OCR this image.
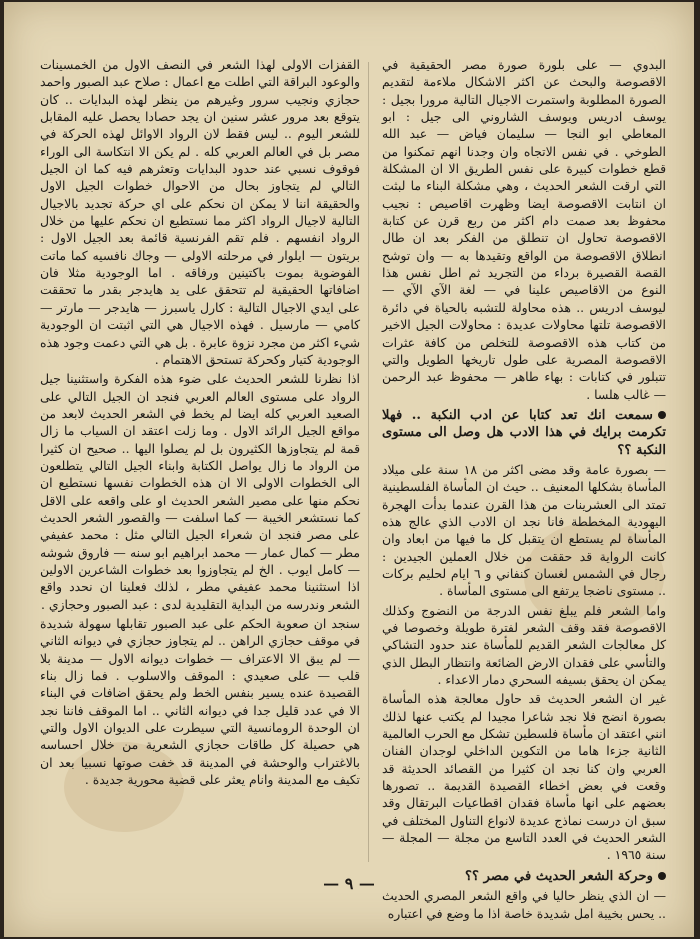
البدوي — على بلورة صورة مصر الحقيقية في الاقصوصة والبحث عن اكثر الاشكال ملاءمة لتقديم الصورة المطلوبة واستمرت الاجيال التالية مرورا بجيل : يوسف ادريس ويوسف الشاروني الى جيل : ابو المعاطي ابو النجا — سليمان فياض — عبد الله الطوخي . في نفس الاتجاه وان وجدنا انهم تمكنوا من قطع خطوات كبيرة على نفس الطريق الا ان المشكلة التي ارقت الشعر الحديث ، وهي مشكلة البناء ما لبثت ان انتابت الاقصوصة ايضا وظهرت اقاصيص : نجيب محفوظ بعد صمت دام اكثر من ربع قرن عن كتابة الاقصوصة تحاول ان تنطلق من الفكر بعد ان طال انطلاق الاقصوصة من الواقع وتقيدها به — وان توشح القصة القصيرة برداء من التجريد ثم اطل نفس هذا النوع من الاقاصيص علينا في — لغة الآي الآي — ليوسف ادريس .. هذه محاولة للتشبه بالحياة في دائرة الاقصوصة تلتها محاولات عديدة : محاولات الجيل الاخير من كتاب هذه الاقصوصة للتخلص من كافة عثرات الاقصوصة المصرية على طول تاريخها الطويل والتي تتبلور في كتابات : بهاء طاهر — محفوظ عبد الرحمن — غالب هلسا .

سمعت انك تعد كتابا عن ادب النكبة .. فهلا تكرمت برايك في هذا الادب هل وصل الى مستوى النكبة ؟؟

— بصورة عامة وقد مضى اكثر من ١٨ سنة على ميلاد المأساة بشكلها المعنيف .. حيث ان المأساة الفلسطينية تمتد الى العشرينات من هذا القرن عندما بدأت الهجرة اليهودية المخططة فانا نجد ان الادب الذي عالج هذه المأساة لم يستطع ان يتقبل كل ما فيها من ابعاد وان كانت الرواية قد حققت من خلال العملين الجيدين : رجال في الشمس لغسان كنفاني و ٦ ايام لحليم بركات .. مستوى ناضجا يرتفع الى مستوى المأساة .

واما الشعر فلم يبلغ نفس الدرجة من النضوج وكذلك الاقصوصة فقد وقف الشعر لفترة طويلة وخصوصا في كل معالجات الشعر القديم للمأساة عند حدود التشاكي والتأسي على فقدان الارض الضائعة وانتظار البطل الذي يمكن ان يحقق بسيفه السحري دمار الاعداء .

غير ان الشعر الحديث قد حاول معالجة هذه المأساة بصورة انضج فلا نجد شاعرا مجيدا لم يكتب عنها لذلك انني اعتقد ان مأساة فلسطين تشكل مع الحرب العالمية الثانية جزءا هاما من التكوين الداخلي لوجدان الفنان العربي وان كنا نجد ان كثيرا من القصائد الحديثة قد وقعت في بعض اخطاء القصيدة القديمة .. تصورها بعضهم على انها مأساة فقدان اقطاعيات البرتقال وقد سبق ان درست نماذج عديدة لانواع التناول المختلف في الشعر الحديث في العدد التاسع من مجلة — المجلة — سنة ١٩٦٥ .

وحركة الشعر الحديث في مصر ؟؟

— ان الذي ينظر حاليا في واقع الشعر المصري الحديث .. يحس بخيبة امل شديدة خاصة اذا ما وضع في اعتباره

القفزات الاولى لهذا الشعر في النصف الاول من الخمسينات والوعود البراقة التي اطلت مع اعمال : صلاح عبد الصبور واحمد حجازي ونجيب سرور وغيرهم من ينظر لهذه البدايات .. كان يتوقع بعد مرور عشر سنين ان يجد حصادا يحصل عليه المقابل للشعر اليوم .. ليس فقط لان الرواد الاوائل لهذه الحركة في مصر بل في العالم العربي كله . لم يكن الا انتكاسة الى الوراء فوقوف نسبي عند حدود البدايات وتعثرهم فيه كما ان الجيل التالي لم يتجاوز بحال من الاحوال خطوات الجيل الاول والحقيقة اننا لا يمكن ان نحكم على اي حركة تجديد بالاجيال التالية لاجيال الرواد اكثر مما نستطيع ان نحكم عليها من خلال الرواد انفسهم . فلم تقم الفرنسية قائمة بعد الجيل الاول : بريتون — ايلوار في مرحلته الاولى — وجاك نافسيه كما ماتت الفوضوية بموت باكتينين ورفاقه . اما الوجودية مثلا فان اضافاتها الحقيقية لم تتحقق على يد هايدجر بقدر ما تحققت على ايدي الاجيال التالية : كارل ياسبرز — هايدجر — مارتر — كامي — مارسيل . فهذه الاجيال هي التي اثبتت ان الوجودية شيء اكثر من مجرد نزوة عابرة . بل هي التي دعمت وجود هذه الوجودية كتيار وكحركة تستحق الاهتمام .

اذا نظرنا للشعر الحديث على ضوء هذه الفكرة واستثنينا جيل الرواد على مستوى العالم العربي فنجد ان الجيل التالي على الصعيد العربي كله ايضا لم يخط في الشعر الحديث لابعد من مواقع الجيل الرائد الاول . وما زلت اعتقد ان السياب ما زال قمة لم يتجاوزها الكثيرون بل لم يصلوا اليها .. صحيح ان كثيرا من الرواد ما زال يواصل الكتابة وابناء الجيل التالي يتطلعون الى الخطوات الاولى الا ان هذه الخطوات نفسها نستطيع ان نحكم منها على مصير الشعر الحديث او على واقعه على الاقل كما نستشعر الخيبة — كما اسلفت — والقصور الشعر الحديث على مصر فنجد ان شعراء الجيل التالي مثل : محمد عفيفي مطر — كمال عمار — محمد ابراهيم ابو سنه — فاروق شوشه — كامل ايوب . الخ لم يتجاوزوا بعد خطوات الشاعرين الاولين اذا استثنينا محمد عفيفي مطر ، لذلك فعلينا ان نحدد واقع الشعر وندرسه من البداية التقليدية لدى : عبد الصبور وحجازي .

سنجد ان صعوبة الحكم على عبد الصبور تقابلها سهولة شديدة في موقف حجازي الراهن .. لم يتجاوز حجازي في ديوانه الثاني — لم يبق الا الاعتراف — خطوات ديوانه الاول — مدينة بلا قلب — على صعيدي : الموقف والاسلوب . فما زال بناء القصيدة عنده يسير بنفس الخط ولم يحقق اضافات في البناء الا في عدد قليل جدا في ديوانه الثاني .. اما الموقف فاننا نجد ان الوحدة الرومانسية التي سيطرت على الديوان الاول والتي هي حصيلة كل طاقات حجازي الشعرية من خلال احساسه بالاغتراب والوحشة في المدينة قد خفت صوتها نسبيا بعد ان تكيف مع المدينة وانام يعثر على قضية محورية جديدة .

— ٩ —
